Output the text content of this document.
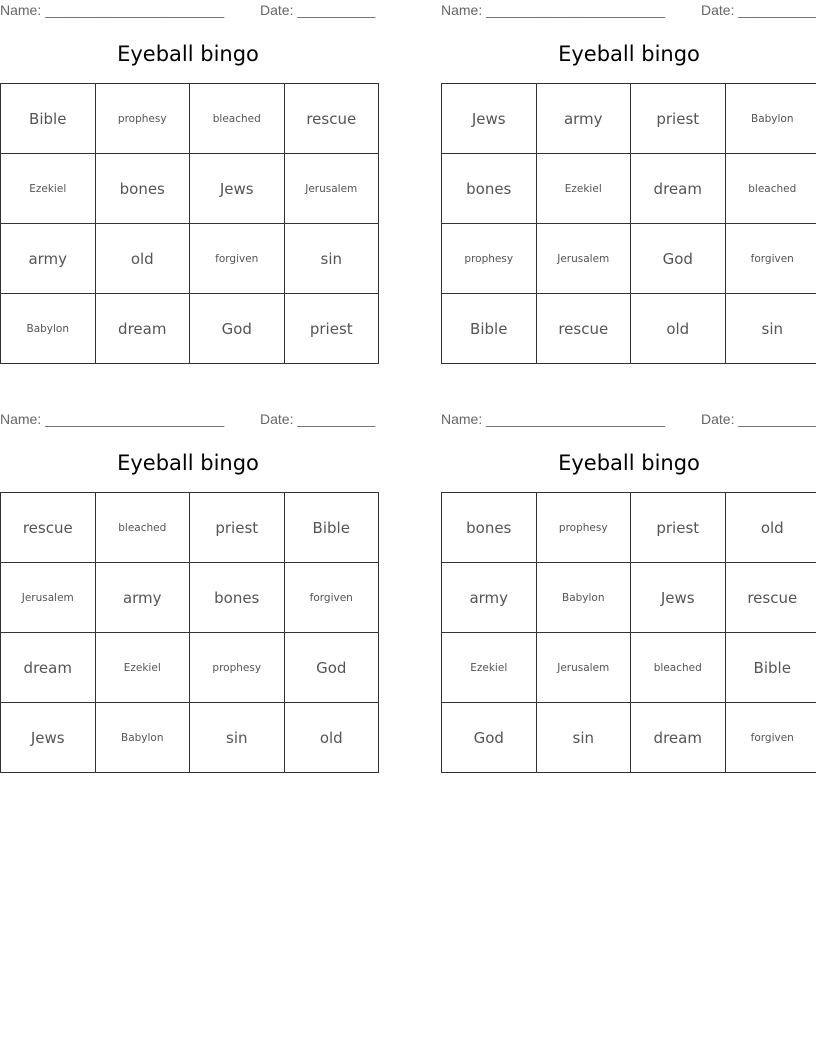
Name: _______________________	Date: __________
Eyeball bingo
Bible	prophesy	bleached	rescue
Ezekiel	bones	Jews	Jerusalem
army	old	forgiven	sin
Babylon	dream	God	priest
Name: _______________________	Date: __________
Eyeball bingo
Jews	army	priest	Babylon
bones	Ezekiel	dream	bleached
prophesy	Jerusalem	God	forgiven
Bible	rescue	old	sin
Name: _______________________	Date: __________
Eyeball bingo
rescue	bleached	priest	Bible
Jerusalem	army	bones	forgiven
dream	Ezekiel	prophesy	God
Jews	Babylon	sin	old
Name: _______________________	Date: __________
Eyeball bingo
bones	prophesy	priest	old
army	Babylon	Jews	rescue
Ezekiel	Jerusalem	bleached	Bible
God	sin	dream	forgiven
